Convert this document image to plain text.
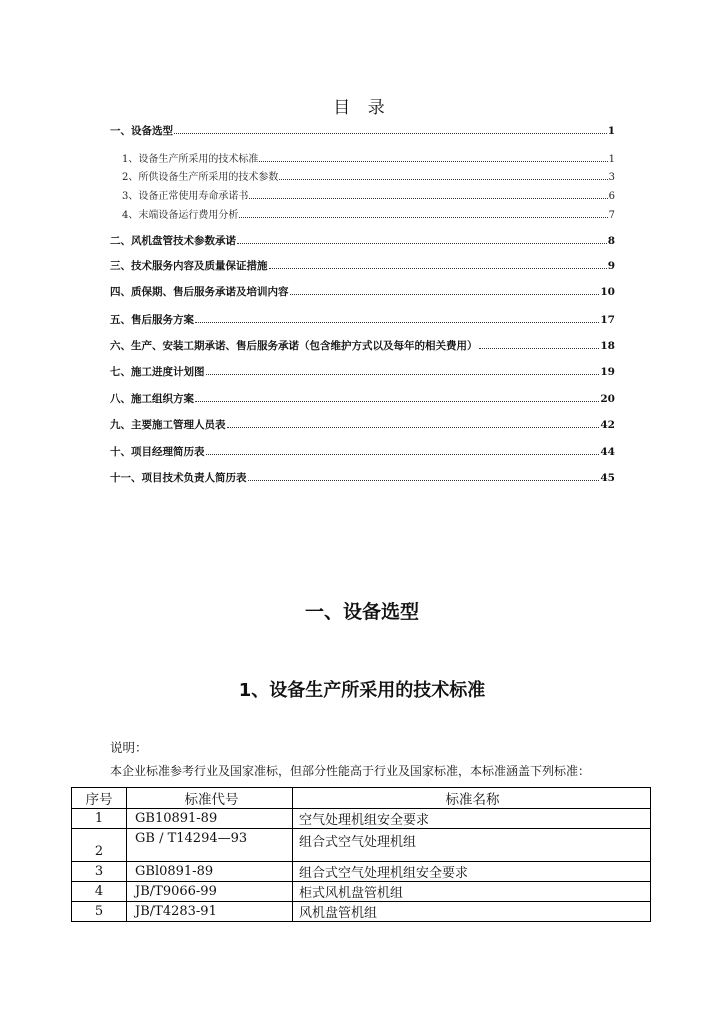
目 录
一、设备选型	1
1、设备生产所采用的技术标准	1
2、所供设备生产所采用的技术参数	3
3、设备正常使用寿命承诺书	6
4、末端设备运行费用分析	7
二、风机盘管技术参数承诺	8
三、技术服务内容及质量保证措施	9
四、质保期、售后服务承诺及培训内容	10
五、售后服务方案	17
六、生产、安装工期承诺、售后服务承诺（包含维护方式以及每年的相关费用）	18
七、施工进度计划图	19
八、施工组织方案	20
九、主要施工管理人员表	42
十、项目经理简历表	44
十一、项目技术负责人简历表	45
一、设备选型
1、设备生产所采用的技术标准
说明：
本企业标准参考行业及国家准标，但部分性能高于行业及国家标准，本标准涵盖下列标准：
序号	标准代号	标准名称
1	GB10891-89	空气处理机组安全要求
2	GB / T14294—93	组合式空气处理机组
3	GBl0891-89	组合式空气处理机组安全要求
4	JB/T9066-99	柜式风机盘管机组
5	JB/T4283-91	风机盘管机组
